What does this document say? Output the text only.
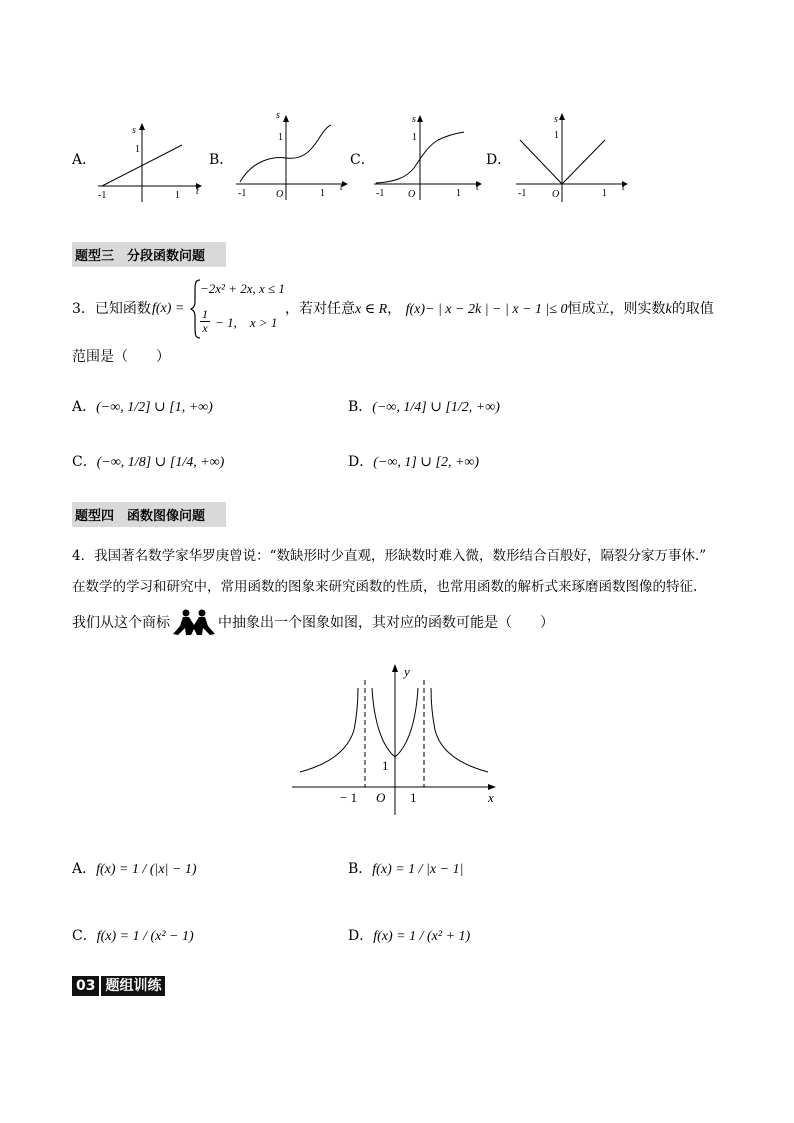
A．
s
t
1
-1	1
B．
s
t
1
-1	O	1
C．
s
t
1
-1 O	1
D．
s
t
1
-1	O	1
题型三　分段函数问题
3．已知函数 f(x) =
−2x² + 2x, x ≤ 1
$\frac{1}{x} - 1$,　x > 1
，若对任意x ∈ R， f(x)− | x − 2k | − | x − 1 |≤ 0恒成立，则实数k的取值
范围是（　　）
A．(−∞, 1/2] ∪ [1, +∞)	B．(−∞, 1/4] ∪ [1/2, +∞)
C．(−∞, 1/8] ∪ [1/4, +∞)	D．(−∞, 1] ∪ [2, +∞)
题型四　函数图像问题
4．我国著名数学家华罗庚曾说：“数缺形时少直观，形缺数时难入微，数形结合百般好，隔裂分家万事休.”
在数学的学习和研究中，常用函数的图象来研究函数的性质，也常用函数的解析式来琢磨函数图像的特征.
我们从这个商标	中抽象出一个图象如图，其对应的函数可能是（　　）
y
x
1
− 1 O 1
A．f(x) = 1 / (|x| − 1)	B．f(x) = 1 / |x − 1|
C．f(x) = 1 / (x² − 1)	D．f(x) = 1 / (x² + 1)
03 题组训练
